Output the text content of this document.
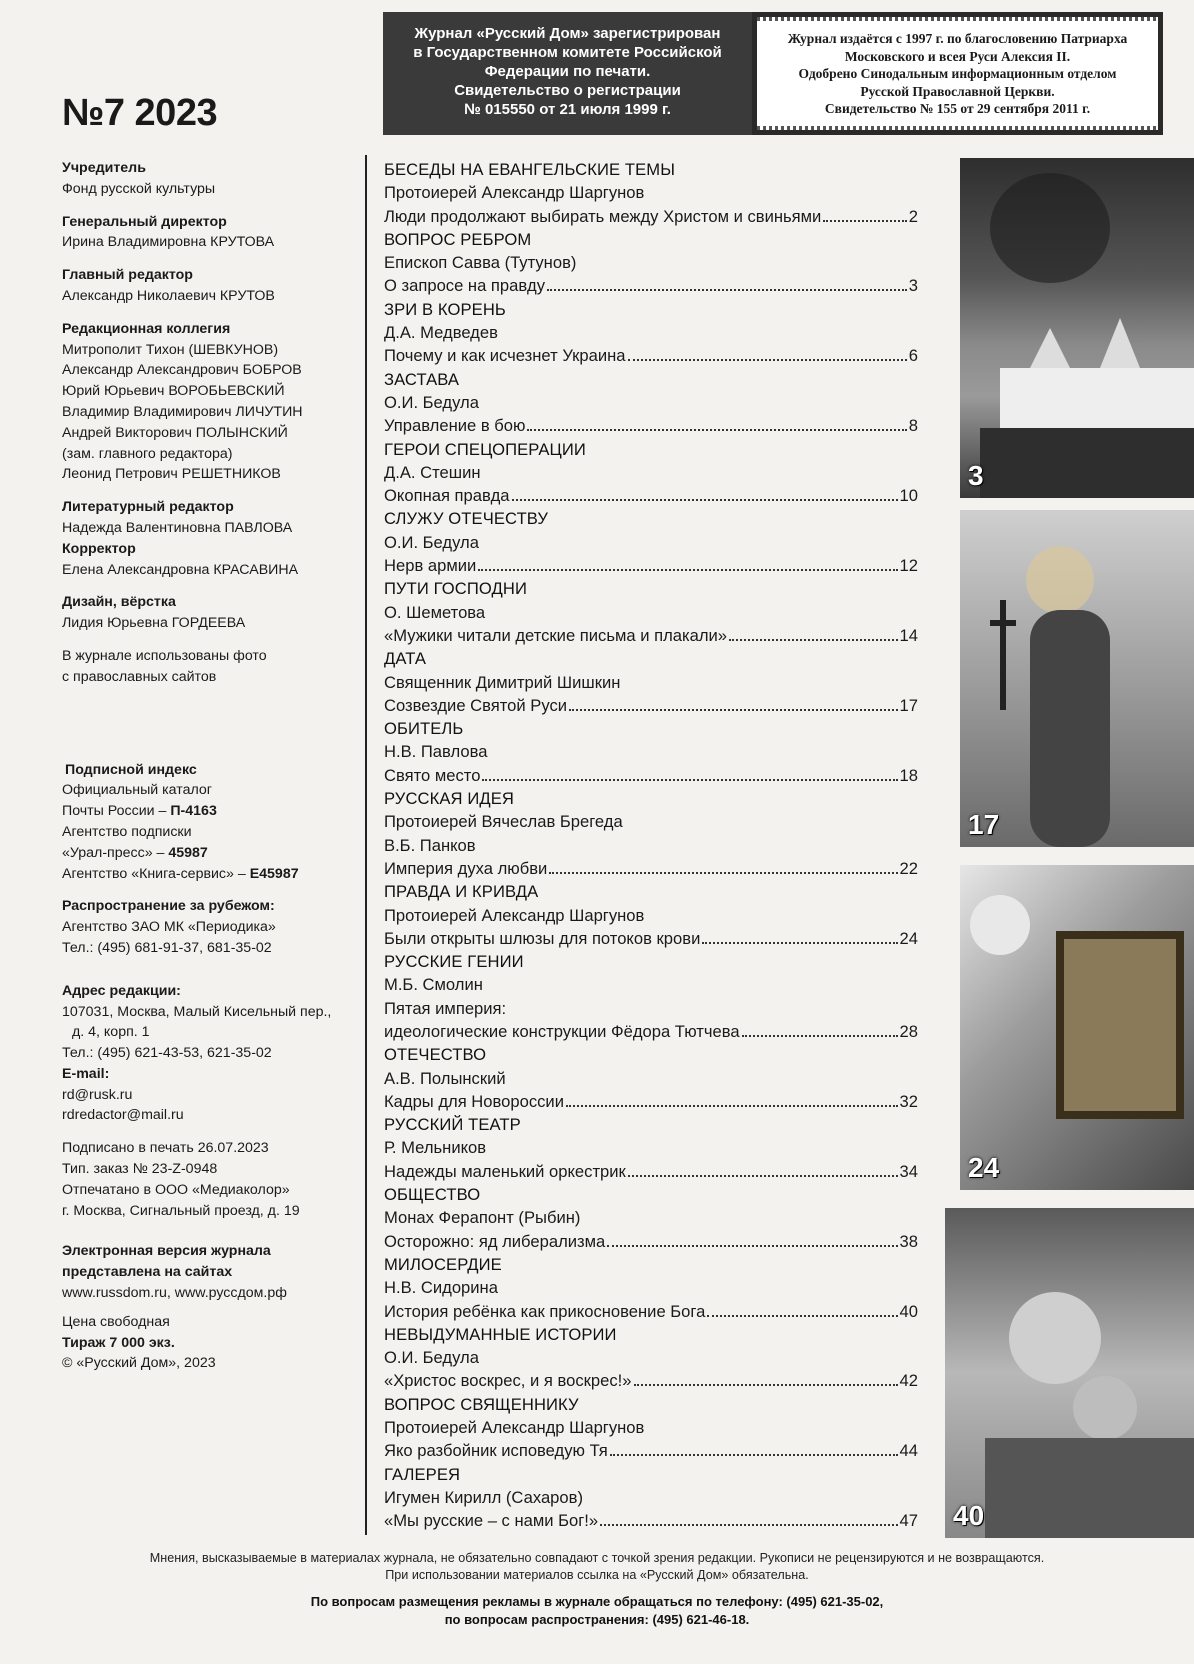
№7 2023
Журнал «Русский Дом» зарегистрирован
в Государственном комитете Российской
Федерации по печати.
Свидетельство о регистрации
№ 015550 от 21 июля 1999 г.
Журнал издаётся с 1997 г. по благословению Патриарха
Московского и всея Руси Алексия II.
Одобрено Синодальным информационным отделом
Русской Православной Церкви.
Свидетельство № 155 от 29 сентября 2011 г.
Учредитель
Фонд русской культуры
Генеральный директор
Ирина Владимировна КРУТОВА
Главный редактор
Александр Николаевич КРУТОВ
Редакционная коллегия
Митрополит Тихон (ШЕВКУНОВ)
Александр Александрович БОБРОВ
Юрий Юрьевич ВОРОБЬЕВСКИЙ
Владимир Владимирович ЛИЧУТИН
Андрей Викторович ПОЛЫНСКИЙ
(зам. главного редактора)
Леонид Петрович РЕШЕТНИКОВ
Литературный редактор
Надежда Валентиновна ПАВЛОВА
Корректор
Елена Александровна КРАСАВИНА
Дизайн, вёрстка
Лидия Юрьевна ГОРДЕЕВА
В журнале использованы фото
с православных сайтов
Подписной индекс
Официальный каталог
Почты России – П-4163
Агентство подписки
«Урал-пресс» – 45987
Агентство «Книга-сервис» – Е45987
Распространение за рубежом:
Агентство ЗАО МК «Периодика»
Тел.: (495) 681-91-37, 681-35-02
Адрес редакции:
107031, Москва, Малый Кисельный пер.,
д. 4, корп. 1
Тел.: (495) 621-43-53, 621-35-02
E-mail:
rd@rusk.ru
rdredactor@mail.ru
Подписано в печать 26.07.2023
Тип. заказ № 23-Z-0948
Отпечатано в ООО «Медиаколор»
г. Москва, Сигнальный проезд, д. 19
Электронная версия журнала
представлена на сайтах
www.russdom.ru, www.руссдом.рф
Цена свободная
Тираж 7 000 экз.
© «Русский Дом», 2023
БЕСЕДЫ НА ЕВАНГЕЛЬСКИЕ ТЕМЫ
Протоиерей Александр Шаргунов
Люди продолжают выбирать между Христом и свиньями	2
ВОПРОС РЕБРОМ
Епископ Савва (Тутунов)
О запросе на правду	3
ЗРИ В КОРЕНЬ
Д.А. Медведев
Почему и как исчезнет Украина	6
ЗАСТАВА
О.И. Бедула
Управление в бою	8
ГЕРОИ СПЕЦОПЕРАЦИИ
Д.А. Стешин
Окопная правда	10
СЛУЖУ ОТЕЧЕСТВУ
О.И. Бедула
Нерв армии	12
ПУТИ ГОСПОДНИ
О. Шеметова
«Мужики читали детские письма и плакали»	14
ДАТА
Священник Димитрий Шишкин
Созвездие Святой Руси	17
ОБИТЕЛЬ
Н.В. Павлова
Свято место	18
РУССКАЯ ИДЕЯ
Протоиерей Вячеслав Брегеда
В.Б. Панков
Империя духа любви	22
ПРАВДА И КРИВДА
Протоиерей Александр Шаргунов
Были открыты шлюзы для потоков крови	24
РУССКИЕ ГЕНИИ
М.Б. Смолин
Пятая империя:
идеологические конструкции Фёдора Тютчева	28
ОТЕЧЕСТВО
А.В. Полынский
Кадры для Новороссии	32
РУССКИЙ ТЕАТР
Р. Мельников
Надежды маленький оркестрик	34
ОБЩЕСТВО
Монах Ферапонт (Рыбин)
Осторожно: яд либерализма	38
МИЛОСЕРДИЕ
Н.В. Сидорина
История ребёнка как прикосновение Бога	40
НЕВЫДУМАННЫЕ ИСТОРИИ
О.И. Бедула
«Христос воскрес, и я воскрес!»	42
ВОПРОС СВЯЩЕННИКУ
Протоиерей Александр Шаргунов
Яко разбойник исповедую Тя	44
ГАЛЕРЕЯ
Игумен Кирилл (Сахаров)
«Мы русские – с нами Бог!»	47
3
17
24
40
Мнения, высказываемые в материалах журнала, не обязательно совпадают с точкой зрения редакции. Рукописи не рецензируются и не возвращаются.
При использовании материалов ссылка на «Русский Дом» обязательна.
По вопросам размещения рекламы в журнале обращаться по телефону: (495) 621-35-02,
по вопросам распространения: (495) 621-46-18.
